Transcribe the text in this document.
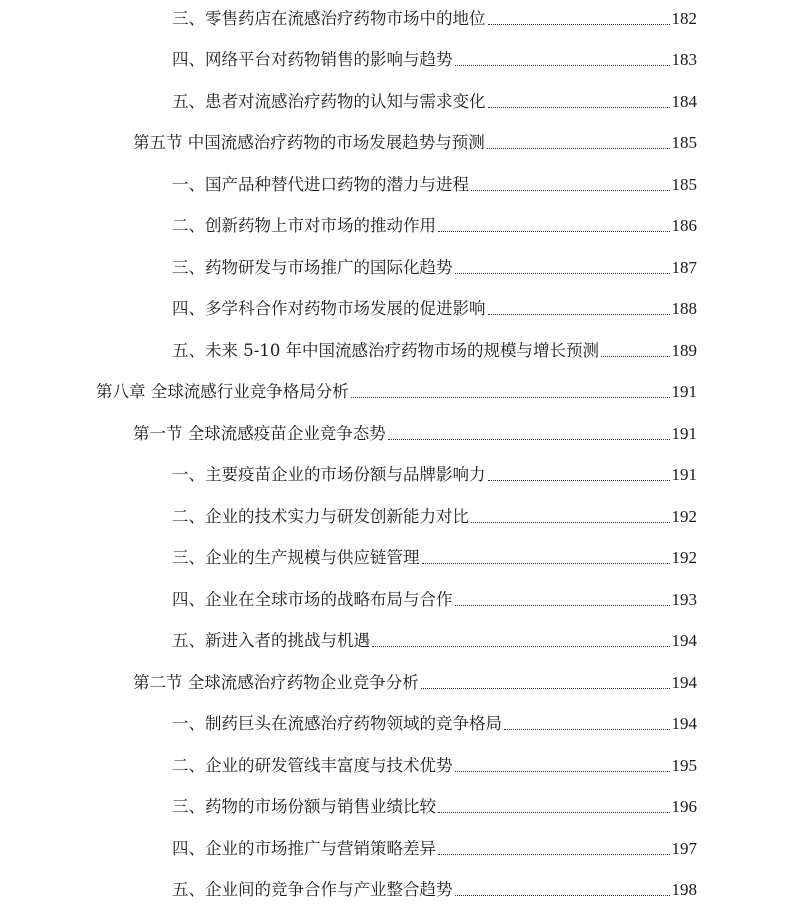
三、零售药店在流感治疗药物市场中的地位	182
四、网络平台对药物销售的影响与趋势	183
五、患者对流感治疗药物的认知与需求变化	184
第五节 中国流感治疗药物的市场发展趋势与预测	185
一、国产品种替代进口药物的潜力与进程	185
二、创新药物上市对市场的推动作用	186
三、药物研发与市场推广的国际化趋势	187
四、多学科合作对药物市场发展的促进影响	188
五、未来 5-10 年中国流感治疗药物市场的规模与增长预测	189
第八章 全球流感行业竞争格局分析	191
第一节 全球流感疫苗企业竞争态势	191
一、主要疫苗企业的市场份额与品牌影响力	191
二、企业的技术实力与研发创新能力对比	192
三、企业的生产规模与供应链管理	192
四、企业在全球市场的战略布局与合作	193
五、新进入者的挑战与机遇	194
第二节 全球流感治疗药物企业竞争分析	194
一、制药巨头在流感治疗药物领域的竞争格局	194
二、企业的研发管线丰富度与技术优势	195
三、药物的市场份额与销售业绩比较	196
四、企业的市场推广与营销策略差异	197
五、企业间的竞争合作与产业整合趋势	198
